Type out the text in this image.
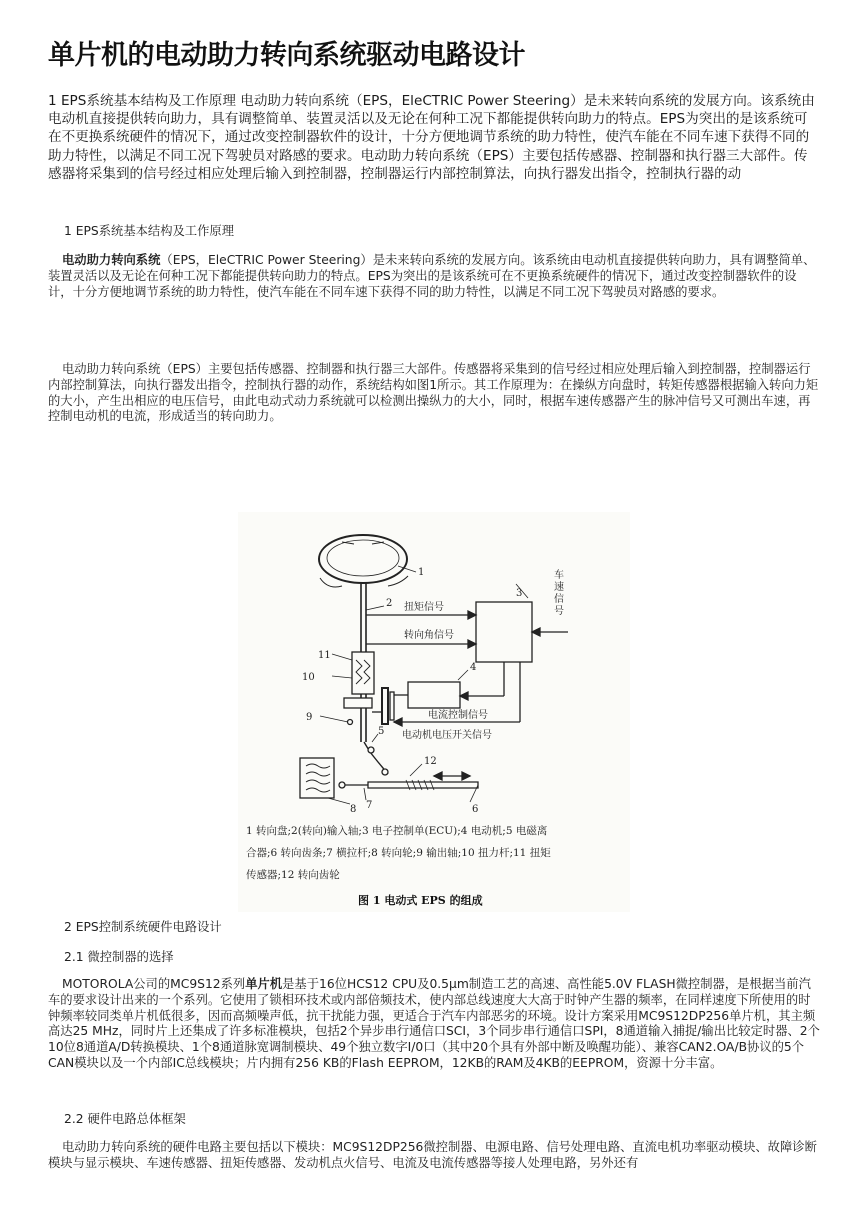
单片机的电动助力转向系统驱动电路设计

1 EPS系统基本结构及工作原理 电动助力转向系统（EPS，EleCTRIC Power Steering）是未来转向系统的发展方向。该系统由电动机直接提供转向助力，具有调整简单、装置灵活以及无论在何种工况下都能提供转向助力的特点。EPS为突出的是该系统可在不更换系统硬件的情况下，通过改变控制器软件的设计，十分方便地调节系统的助力特性，使汽车能在不同车速下获得不同的助力特性，以满足不同工况下驾驶员对路感的要求。电动助力转向系统（EPS）主要包括传感器、控制器和执行器三大部件。传感器将采集到的信号经过相应处理后输入到控制器，控制器运行内部控制算法，向执行器发出指令，控制执行器的动

1 EPS系统基本结构及工作原理

电动助力转向系统（EPS，EleCTRIC Power Steering）是未来转向系统的发展方向。该系统由电动机直接提供转向助力，具有调整简单、装置灵活以及无论在何种工况下都能提供转向助力的特点。EPS为突出的是该系统可在不更换系统硬件的情况下，通过改变控制器软件的设计，十分方便地调节系统的助力特性，使汽车能在不同车速下获得不同的助力特性，以满足不同工况下驾驶员对路感的要求。

电动助力转向系统（EPS）主要包括传感器、控制器和执行器三大部件。传感器将采集到的信号经过相应处理后输入到控制器，控制器运行内部控制算法，向执行器发出指令，控制执行器的动作，系统结构如图1所示。其工作原理为：在操纵方向盘时，转矩传感器根据输入转向力矩的大小，产生出相应的电压信号，由此电动式动力系统就可以检测出操纵力的大小，同时，根据车速传感器产生的脉冲信号又可测出车速，再控制电动机的电流，形成适当的转向助力。

1
2
3
4
5
6
7
8
9
10
11
12
车
速
信
号
扭矩信号
转向角信号
电流控制信号
电动机电压开关信号
1 转向盘;2(转向)输入轴;3 电子控制单(ECU);4 电动机;5 电磁离
合器;6 转向齿条;7 横拉杆;8 转向轮;9 输出轴;10 扭力杆;11 扭矩
传感器;12 转向齿轮
图 1 电动式 EPS 的组成

2 EPS控制系统硬件电路设计

2.1 微控制器的选择

MOTOROLA公司的MC9S12系列单片机是基于16位HCS12 CPU及0.5μm制造工艺的高速、高性能5.0V FLASH微控制器，是根据当前汽车的要求设计出来的一个系列。它使用了锁相环技术或内部倍频技术，使内部总线速度大大高于时钟产生器的频率，在同样速度下所使用的时钟频率较同类单片机低很多，因而高频噪声低，抗干扰能力强，更适合于汽车内部恶劣的环境。设计方案采用MC9S12DP256单片机，其主频高达25 MHz，同时片上还集成了许多标准模块，包括2个异步串行通信口SCI，3个同步串行通信口SPI，8通道输入捕捉/输出比较定时器、2个10位8通道A/D转换模块、1个8通道脉宽调制模块、49个独立数字I/0口（其中20个具有外部中断及唤醒功能）、兼容CAN2.OA/B协议的5个CAN模块以及一个内部IC总线模块；片内拥有256 KB的Flash EEPROM，12KB的RAM及4KB的EEPROM，资源十分丰富。

2.2 硬件电路总体框架

电动助力转向系统的硬件电路主要包括以下模块：MC9S12DP256微控制器、电源电路、信号处理电路、直流电机功率驱动模块、故障诊断模块与显示模块、车速传感器、扭矩传感器、发动机点火信号、电流及电流传感器等接人处理电路，另外还有
